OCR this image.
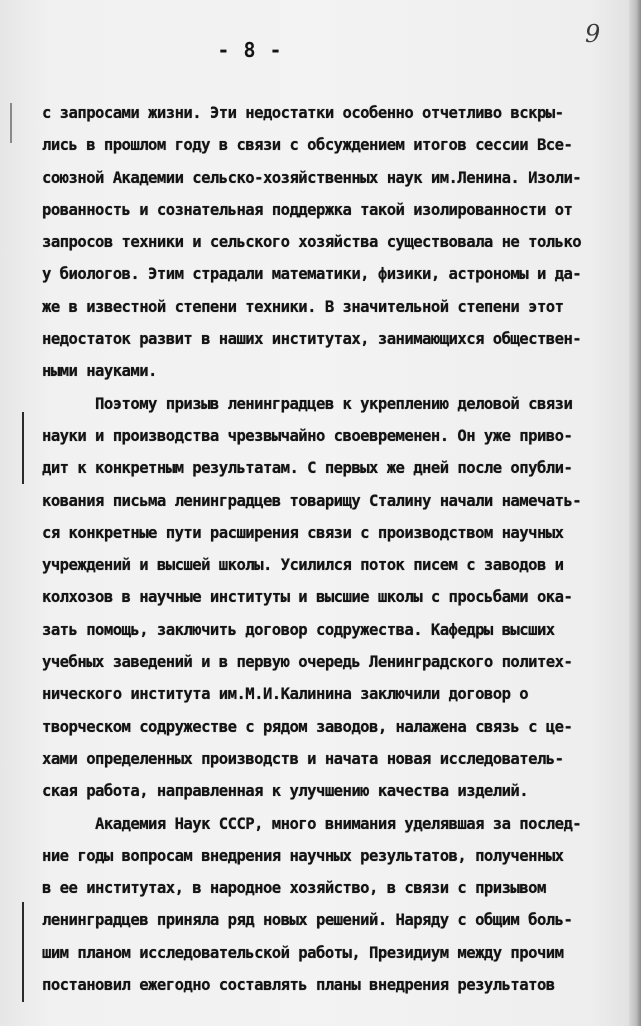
- 8 -
9
с запросами жизни. Эти недостатки особенно отчетливо вскры-
лись в прошлом году в связи с обсуждением итогов сессии Все-
союзной Академии сельско-хозяйственных наук им.Ленина. Изоли-
рованность и сознательная поддержка такой изолированности от
запросов техники и сельского хозяйства существовала не только
у биологов. Этим страдали математики, физики, астрономы и да-
же в известной степени техники. В значительной степени этот
недостаток развит в наших институтах, занимающихся обществен-
ными науками.
Поэтому призыв ленинградцев к укреплению деловой связи
науки и производства чрезвычайно своевременен. Он уже приво-
дит к конкретным результатам. С первых же дней после опубли-
кования письма ленинградцев товарищу Сталину начали намечать-
ся конкретные пути расширения связи с производством научных
учреждений и высшей школы. Усилился поток писем с заводов и
колхозов в научные институты и высшие школы с просьбами ока-
зать помощь, заключить договор содружества. Кафедры высших
учебных заведений и в первую очередь Ленинградского политех-
нического института им.М.И.Калинина заключили договор о
творческом содружестве с рядом заводов, налажена связь с це-
хами определенных производств и начата новая исследователь-
ская работа, направленная к улучшению качества изделий.
Академия Наук СССР, много внимания уделявшая за послед-
ние годы вопросам внедрения научных результатов, полученных
в ее институтах, в народное хозяйство, в связи с призывом
ленинградцев приняла ряд новых решений. Наряду с общим боль-
шим планом исследовательской работы, Президиум между прочим
постановил ежегодно составлять планы внедрения результатов
